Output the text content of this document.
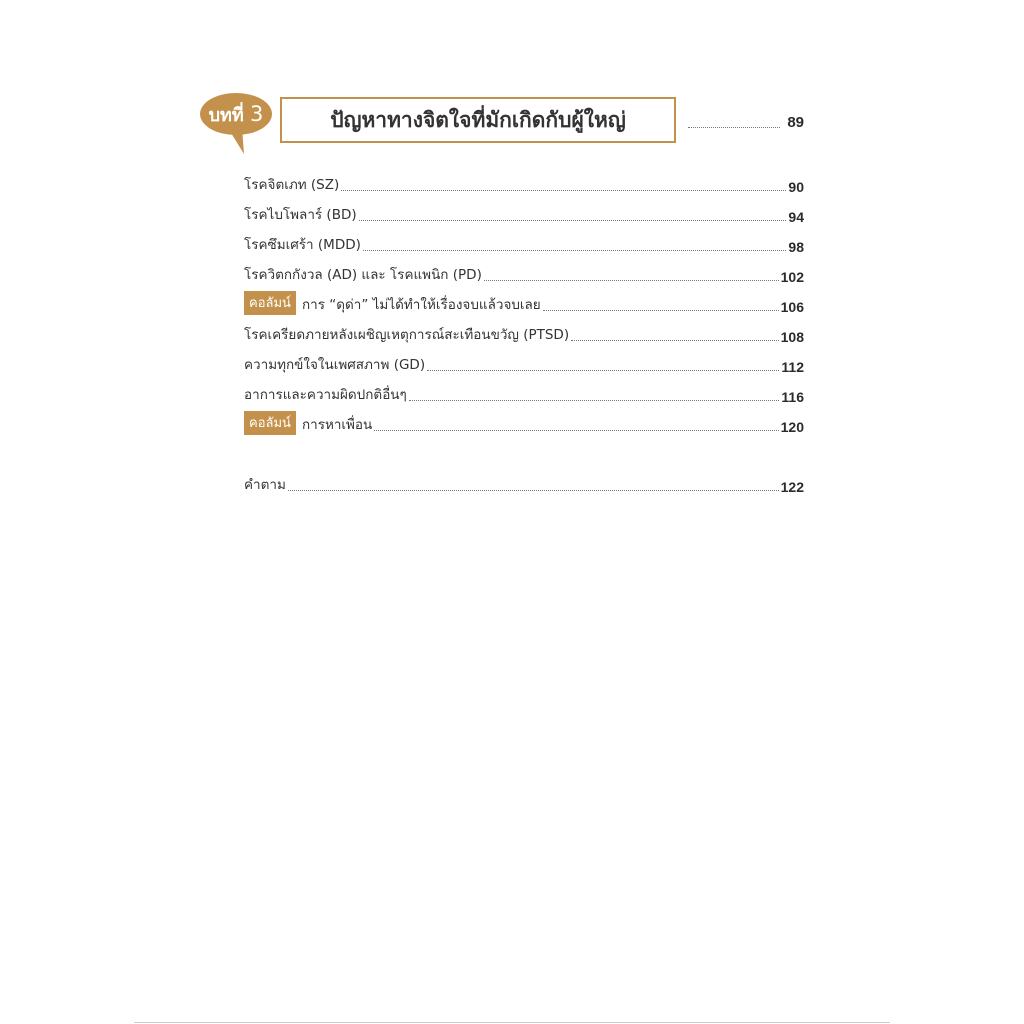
บทที่ 3	ปัญหาทางจิตใจที่มักเกิดกับผู้ใหญ่	89
โรคจิตเภท (SZ)	90
โรคไบโพลาร์ (BD)	94
โรคซึมเศร้า (MDD)	98
โรควิตกกังวล (AD) และ โรคแพนิก (PD)	102
คอลัมน์ การ “ดุด่า” ไม่ได้ทำให้เรื่องจบแล้วจบเลย	106
โรคเครียดภายหลังเผชิญเหตุการณ์สะเทือนขวัญ (PTSD)	108
ความทุกข์ใจในเพศสภาพ (GD)	112
อาการและความผิดปกติอื่นๆ	116
คอลัมน์ การหาเพื่อน	120
คำตาม	122
